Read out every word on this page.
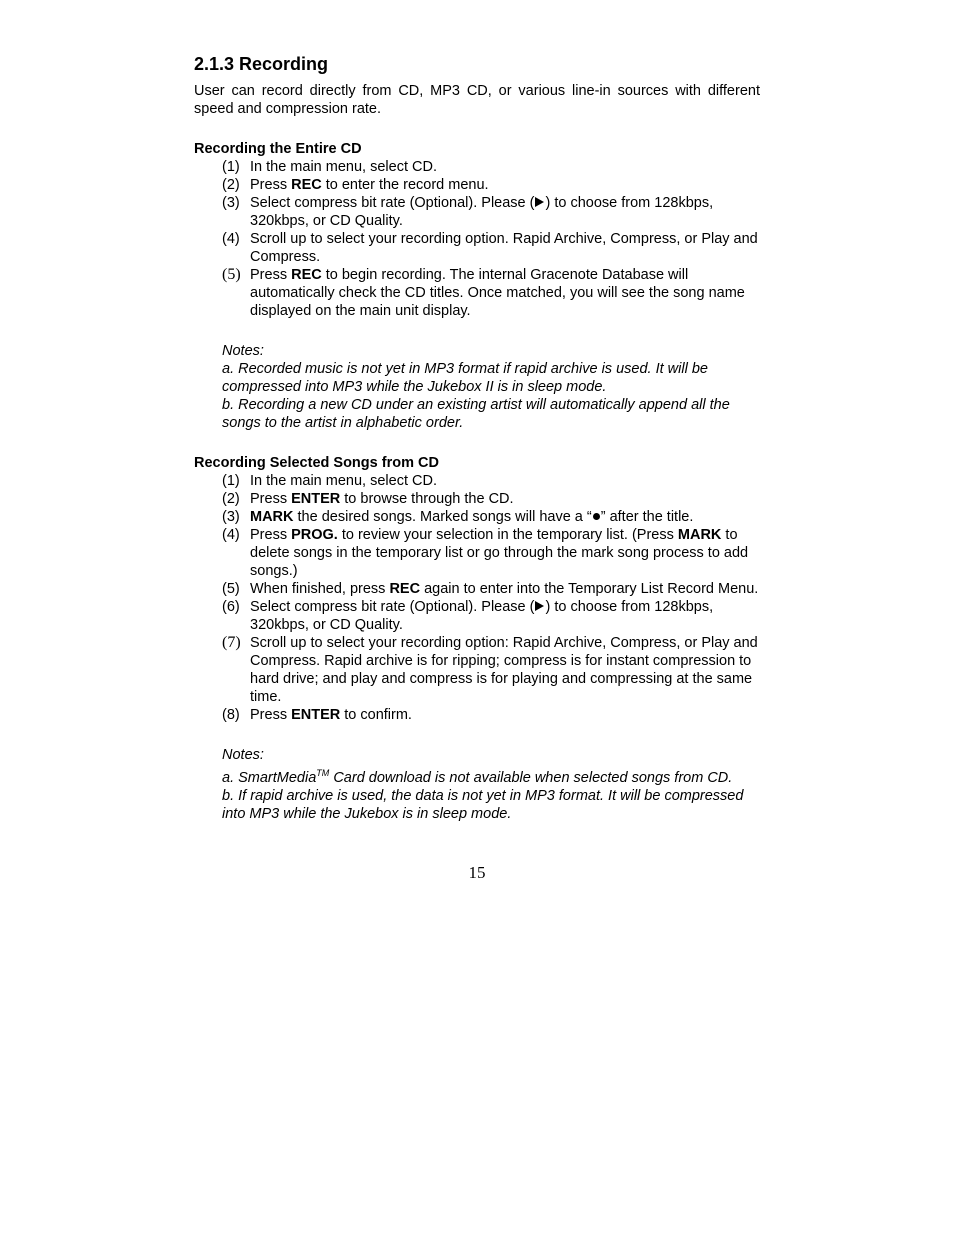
2.1.3 Recording

User can record directly from CD, MP3 CD, or various line-in sources with different speed and compression rate.

Recording the Entire CD
(1) In the main menu, select CD.
(2) Press REC to enter the record menu.
(3) Select compress bit rate (Optional). Please ( ) to choose from 128kbps, 320kbps, or CD Quality.
(4) Scroll up to select your recording option. Rapid Archive, Compress, or Play and Compress.
(5) Press REC to begin recording. The internal Gracenote Database will automatically check the CD titles. Once matched, you will see the song name displayed on the main unit display.

Notes:

a. Recorded music is not yet in MP3 format if rapid archive is used. It will be compressed into MP3 while the Jukebox II is in sleep mode.

b. Recording a new CD under an existing artist will automatically append all the songs to the artist in alphabetic order.

Recording Selected Songs from CD
(1) In the main menu, select CD.
(2) Press ENTER to browse through the CD.
(3) MARK the desired songs. Marked songs will have a “ ” after the title.
(4) Press PROG. to review your selection in the temporary list. (Press MARK to delete songs in the temporary list or go through the mark song process to add songs.)
(5) When finished, press REC again to enter into the Temporary List Record Menu.
(6) Select compress bit rate (Optional). Please ( ) to choose from 128kbps, 320kbps, or CD Quality.
(7) Scroll up to select your recording option: Rapid Archive, Compress, or Play and Compress. Rapid archive is for ripping; compress is for instant compression to hard drive; and play and compress is for playing and compressing at the same time.
(8) Press ENTER to confirm.

Notes:

a. SmartMedia™ Card download is not available when selected songs from CD.

b. If rapid archive is used, the data is not yet in MP3 format. It will be compressed into MP3 while the Jukebox is in sleep mode.

15
